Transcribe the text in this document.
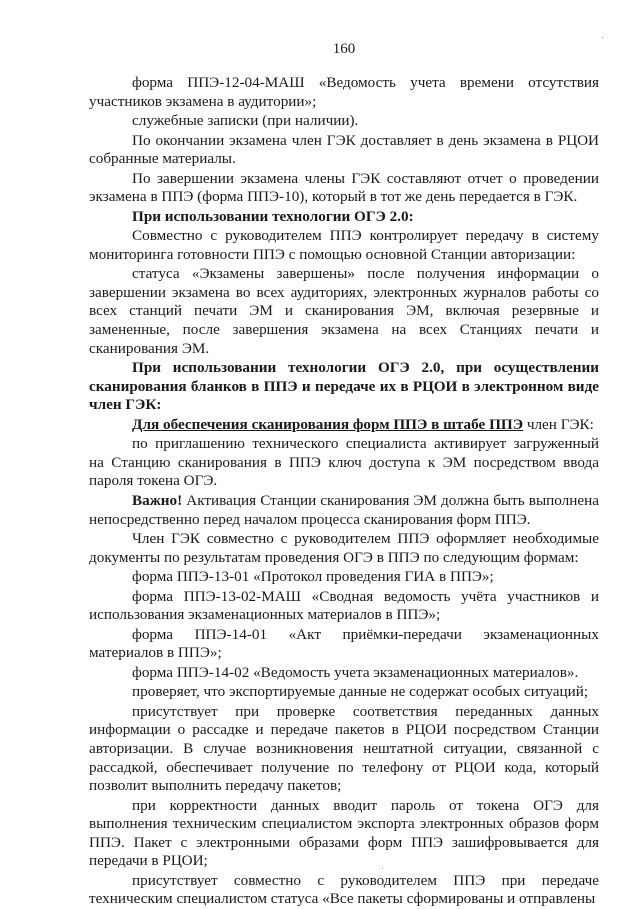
160

форма ППЭ-12-04-МАШ «Ведомость учета времени отсутствия участников экзамена в аудитории»;

служебные записки (при наличии).

По окончании экзамена член ГЭК доставляет в день экзамена в РЦОИ собранные материалы.

По завершении экзамена члены ГЭК составляют отчет о проведении экзамена в ППЭ (форма ППЭ-10), который в тот же день передается в ГЭК.

При использовании технологии ОГЭ 2.0:

Совместно с руководителем ППЭ контролирует передачу в систему мониторинга готовности ППЭ с помощью основной Станции авторизации:

статуса «Экзамены завершены» после получения информации о завершении экзамена во всех аудиториях, электронных журналов работы со всех станций печати ЭМ и сканирования ЭМ, включая резервные и замененные, после завершения экзамена на всех Станциях печати и сканирования ЭМ.

При использовании технологии ОГЭ 2.0, при осуществлении сканирования бланков в ППЭ и передаче их в РЦОИ в электронном виде член ГЭК:

Для обеспечения сканирования форм ППЭ в штабе ППЭ член ГЭК:

по приглашению технического специалиста активирует загруженный на Станцию сканирования в ППЭ ключ доступа к ЭМ посредством ввода пароля токена ОГЭ.

Важно! Активация Станции сканирования ЭМ должна быть выполнена непосредственно перед началом процесса сканирования форм ППЭ.

Член ГЭК совместно с руководителем ППЭ оформляет необходимые документы по результатам проведения ОГЭ в ППЭ по следующим формам:

форма ППЭ-13-01 «Протокол проведения ГИА в ППЭ»;

форма ППЭ-13-02-МАШ «Сводная ведомость учёта участников и использования экзаменационных материалов в ППЭ»;

форма ППЭ-14-01 «Акт приёмки-передачи экзаменационных материалов в ППЭ»;

форма ППЭ-14-02 «Ведомость учета экзаменационных материалов».

проверяет, что экспортируемые данные не содержат особых ситуаций;

присутствует при проверке соответствия переданных данных информации о рассадке и передаче пакетов в РЦОИ посредством Станции авторизации. В случае возникновения нештатной ситуации, связанной с рассадкой, обеспечивает получение по телефону от РЦОИ кода, который позволит выполнить передачу пакетов;

при корректности данных вводит пароль от токена ОГЭ для выполнения техническим специалистом экспорта электронных образов форм ППЭ. Пакет с электронными образами форм ППЭ зашифровывается для передачи в РЦОИ;

присутствует совместно с руководителем ППЭ при передаче техническим специалистом статуса «Все пакеты сформированы и отправлены
